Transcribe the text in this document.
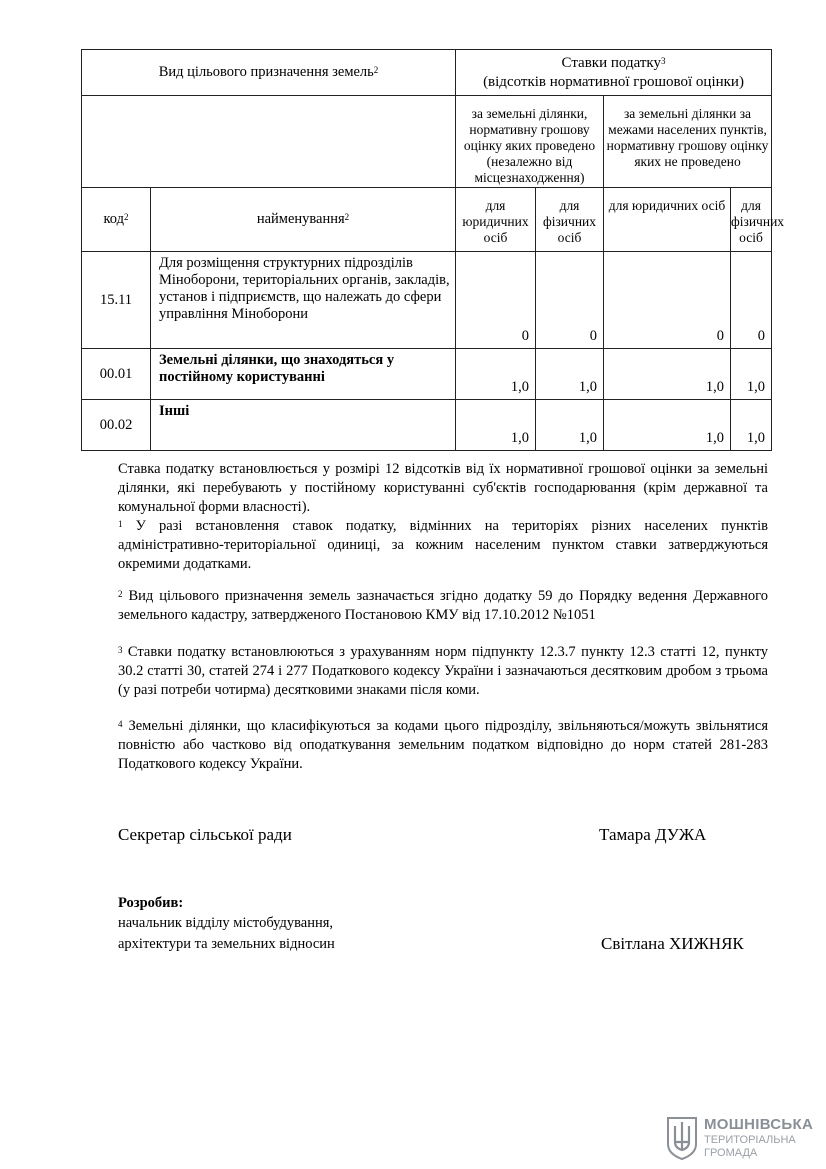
Вид цільового призначення земель$^2$		Ставки податку$^3$
(відсотків нормативної грошової оцінки)			
		за земельні ділянки, нормативну грошову оцінку яких проведено (незалежно від місцезнаходження)		за земельні ділянки за межами населених пунктів, нормативну грошову оцінку яких не проведено	
код$^2$	найменування$^2$	для юридичних осіб	для фізичних осіб	для юридичних осіб	для фізичних осіб
15.11	Для розміщення структурних підрозділів Міноборони, територіальних органів, закладів, установ і підприємств, що належать до сфери управління Міноборони	0	0	0	0
00.01	Земельні ділянки, що знаходяться у постійному користуванні	1,0	1,0	1,0	1,0
00.02	Інші	1,0	1,0	1,0	1,0
Ставка податку встановлюється у розмірі 12 відсотків від їх нормативної грошової оцінки за земельні ділянки, які перебувають у постійному користуванні суб'єктів господарювання (крім державної та комунальної форми власності).
$^1$ У разі встановлення ставок податку, відмінних на територіях різних населених пунктів адміністративно-територіальної одиниці, за кожним населеним пунктом ставки затверджуються окремими додатками.
$^2$ Вид цільового призначення земель зазначається згідно додатку 59 до Порядку ведення Державного земельного кадастру, затвердженого Постановою КМУ від 17.10.2012 №1051
$^3$ Ставки податку встановлюються з урахуванням норм підпункту 12.3.7 пункту 12.3 статті 12, пункту 30.2 статті 30, статей 274 і 277 Податкового кодексу України і зазначаються десятковим дробом з трьома (у разі потреби чотирма) десятковими знаками після коми.
$^4$ Земельні ділянки, що класифікуються за кодами цього підрозділу, звільняються/можуть звільнятися повністю або частково від оподаткування земельним податком відповідно до норм статей 281-283 Податкового кодексу України.
Секретар сільської ради	Тамара ДУЖА
Розробив:
начальник відділу містобудування,
архітектури та земельних відносин	Світлана ХИЖНЯК
МОШНІВСЬКА
ТЕРИТОРІАЛЬНА
ГРОМАДА
